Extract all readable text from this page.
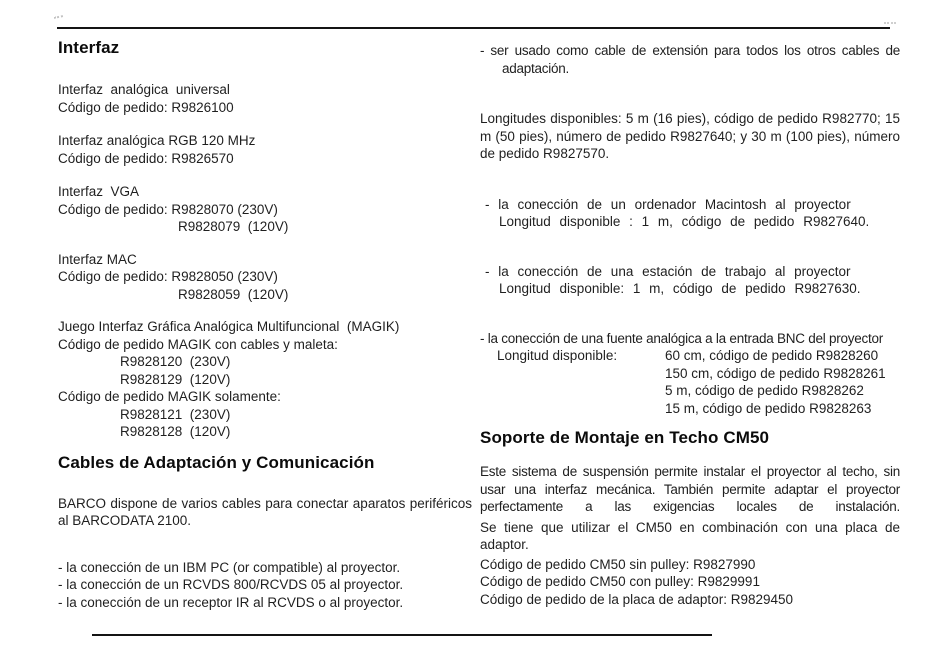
Interfaz
Interfaz  analógica  universal
Código de pedido: R9826100
Interfaz analógica RGB 120 MHz
Código de pedido: R9826570
Interfaz  VGA
Código de pedido: R9828070 (230V)
R9828079  (120V)
Interfaz MAC
Código de pedido: R9828050 (230V)
R9828059  (120V)
Juego Interfaz Gráfica Analógica Multifuncional  (MAGIK)
Código de pedido MAGIK con cables y maleta:
R9828120  (230V)
R9828129  (120V)
Código de pedido MAGIK solamente:
R9828121  (230V)
R9828128  (120V)
Cables de Adaptación y Comunicación
BARCO dispone de varios cables para conectar aparatos periféricos al BARCODATA 2100.
- la conección de un IBM PC (or compatible) al proyector.
- la conección de un RCVDS 800/RCVDS 05 al proyector.
- la conección de un receptor IR al RCVDS o al proyector.
- ser usado como cable de extensión para todos los otros cables de adaptación.
Longitudes disponibles: 5 m (16 pies), código de pedido R982770; 15 m (50 pies), número de pedido R9827640; y 30 m (100 pies), número de pedido R9827570.
- la conección de un ordenador Macintosh al proyector
Longitud disponible : 1 m, código de pedido R9827640.
- la conección de una estación de trabajo al proyector
Longitud disponible: 1 m, código de pedido R9827630.
- la conección de una fuente analógica a la entrada BNC del proyector
Longitud disponible:	60 cm, código de pedido R9828260
150 cm, código de pedido R9828261
5 m, código de pedido R9828262
15 m, código de pedido R9828263
Soporte de Montaje en Techo CM50
Este sistema de suspensión permite instalar el proyector al techo, sin usar una interfaz mecánica. También permite adaptar el proyector perfectamente a las exigencias locales de instalación.
Se tiene que utilizar el CM50 en combinación con una placa de adaptor.
Código de pedido CM50 sin pulley: R9827990
Código de pedido CM50 con pulley: R9829991
Código de pedido de la placa de adaptor: R9829450
